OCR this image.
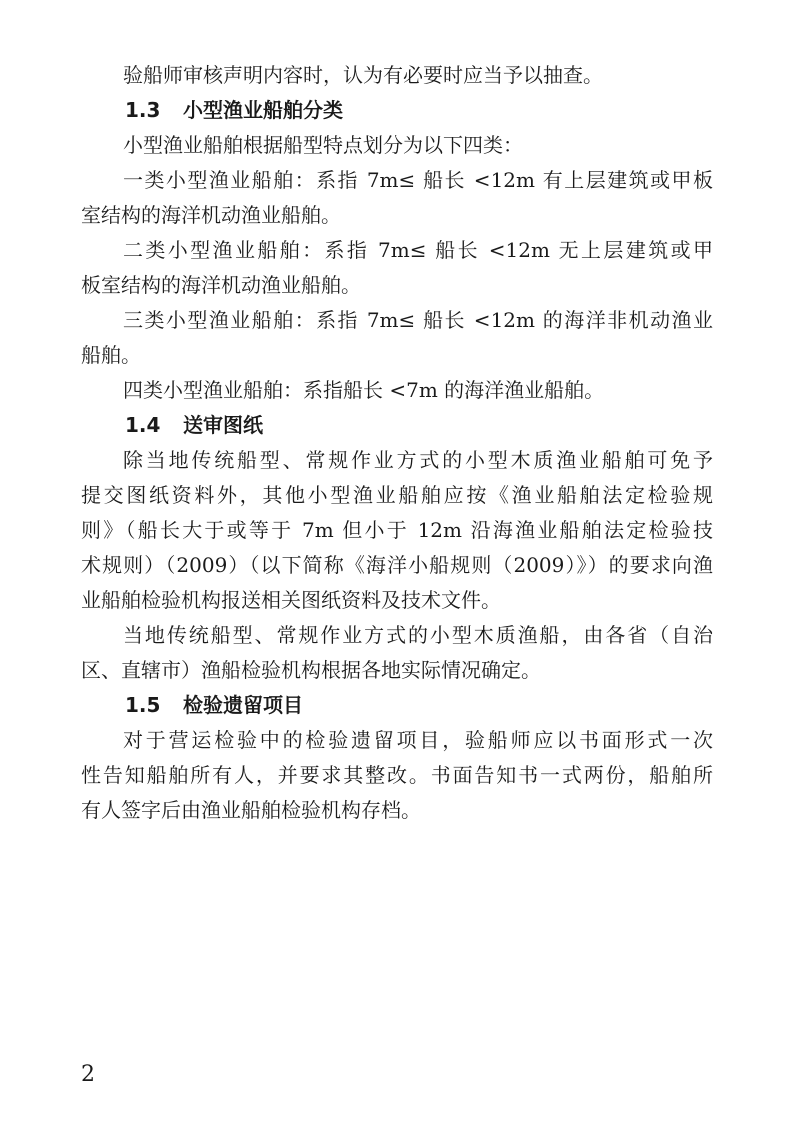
验船师审核声明内容时，认为有必要时应当予以抽查。
1.3 小型渔业船舶分类
小型渔业船舶根据船型特点划分为以下四类：
一类小型渔业船舶：系指 7m≤ 船长 <12m 有上层建筑或甲板
室结构的海洋机动渔业船舶。
二类小型渔业船舶：系指 7m≤ 船长 <12m 无上层建筑或甲
板室结构的海洋机动渔业船舶。
三类小型渔业船舶：系指 7m≤ 船长 <12m 的海洋非机动渔业
船舶。
四类小型渔业船舶：系指船长 <7m 的海洋渔业船舶。
1.4 送审图纸
除当地传统船型、常规作业方式的小型木质渔业船舶可免予
提交图纸资料外，其他小型渔业船舶应按《渔业船舶法定检验规
则》（船长大于或等于 7m 但小于 12m 沿海渔业船舶法定检验技
术规则）（2009）（以下简称《海洋小船规则（2009）》）的要求向渔
业船舶检验机构报送相关图纸资料及技术文件。
当地传统船型、常规作业方式的小型木质渔船，由各省（自治
区、直辖市）渔船检验机构根据各地实际情况确定。
1.5 检验遗留项目
对于营运检验中的检验遗留项目，验船师应以书面形式一次
性告知船舶所有人，并要求其整改。书面告知书一式两份，船舶所
有人签字后由渔业船舶检验机构存档。
2
